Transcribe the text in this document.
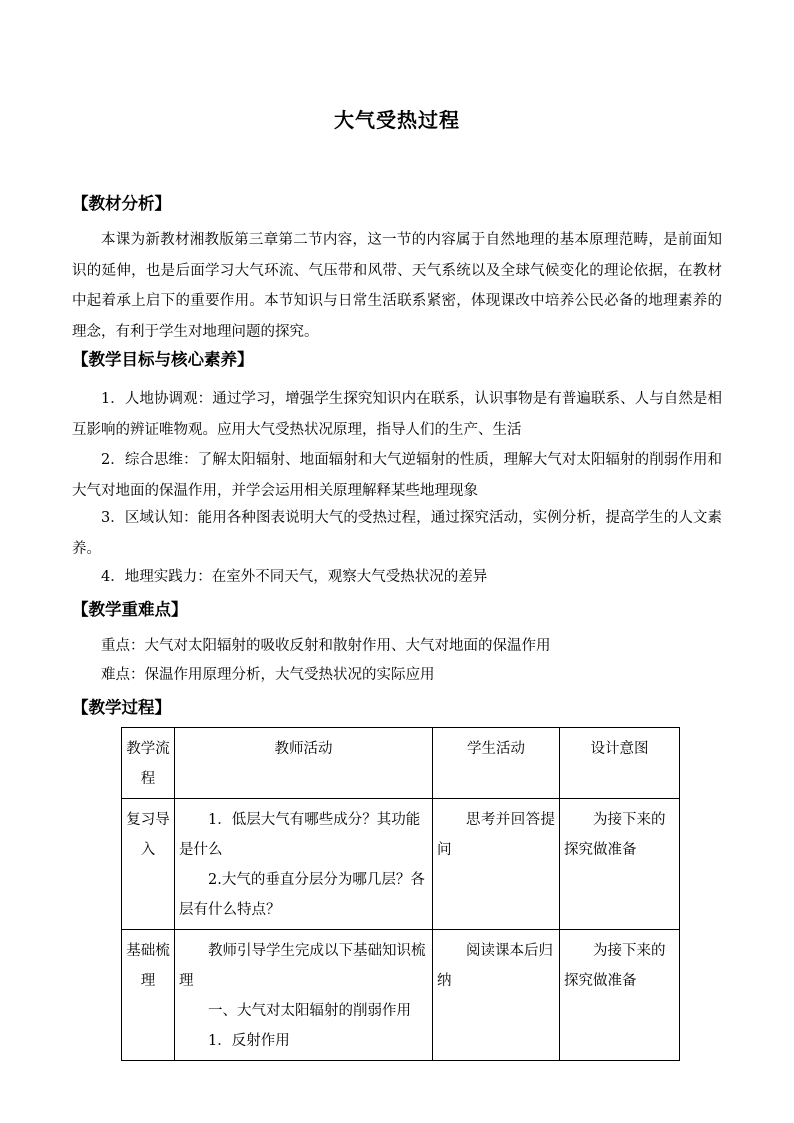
大气受热过程
【教材分析】

本课为新教材湘教版第三章第二节内容，这一节的内容属于自然地理的基本原理范畴，是前面知识的延伸，也是后面学习大气环流、气压带和风带、天气系统以及全球气候变化的理论依据，在教材中起着承上启下的重要作用。本节知识与日常生活联系紧密，体现课改中培养公民必备的地理素养的理念，有利于学生对地理问题的探究。

【教学目标与核心素养】

1．人地协调观：通过学习，增强学生探究知识内在联系，认识事物是有普遍联系、人与自然是相互影响的辨证唯物观。应用大气受热状况原理，指导人们的生产、生活

2．综合思维：了解太阳辐射、地面辐射和大气逆辐射的性质，理解大气对太阳辐射的削弱作用和大气对地面的保温作用，并学会运用相关原理解释某些地理现象

3．区域认知：能用各种图表说明大气的受热过程，通过探究活动，实例分析，提高学生的人文素养。

4．地理实践力：在室外不同天气，观察大气受热状况的差异

【教学重难点】

重点：大气对太阳辐射的吸收反射和散射作用、大气对地面的保温作用

难点：保温作用原理分析，大气受热状况的实际应用

【教学过程】
教学流程	教师活动	学生活动	设计意图
复习导入	1．低层大气有哪些成分？其功能是什么
2.大气的垂直分层分为哪几层？各层有什么特点？	思考并回答提问	为接下来的探究做准备

基础梳理	教师引导学生完成以下基础知识梳理
一、大气对太阳辐射的削弱作用
1．反射作用	阅读课本后归纳	为接下来的探究做准备
